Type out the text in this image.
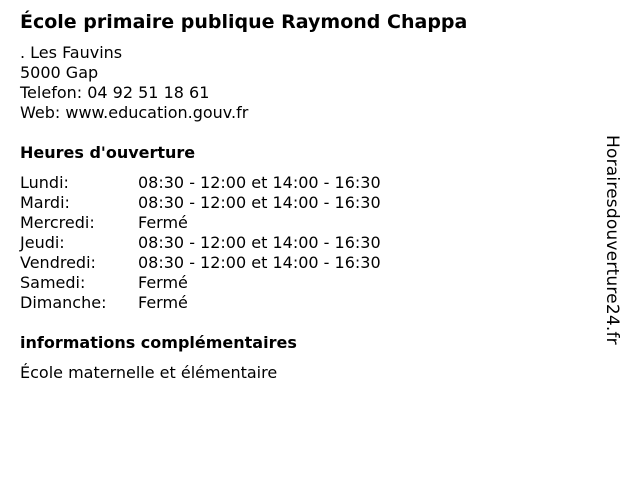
École primaire publique Raymond Chappa
. Les Fauvins
5000 Gap
Telefon: 04 92 51 18 61
Web: www.education.gouv.fr
Heures d'ouverture
Lundi:	08:30 - 12:00 et 14:00 - 16:30
Mardi:	08:30 - 12:00 et 14:00 - 16:30
Mercredi:	Fermé
Jeudi:	08:30 - 12:00 et 14:00 - 16:30
Vendredi:	08:30 - 12:00 et 14:00 - 16:30
Samedi:	Fermé
Dimanche:	Fermé
informations complémentaires
École maternelle et élémentaire
Horairesdouverture24.fr
